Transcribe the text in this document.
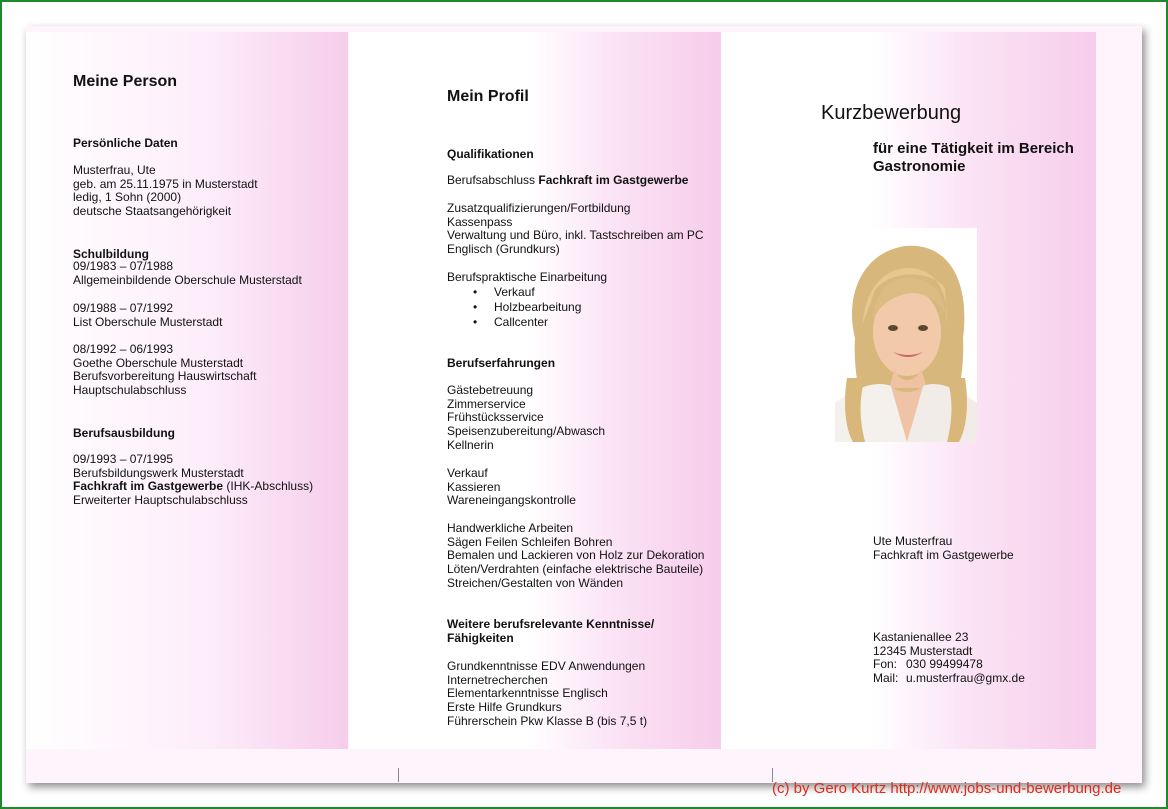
Meine Person
Persönliche Daten
Musterfrau, Ute
geb. am 25.11.1975 in Musterstadt
ledig, 1 Sohn (2000)
deutsche Staatsangehörigkeit
Schulbildung
09/1983 – 07/1988
Allgemeinbildende Oberschule Musterstadt
09/1988 – 07/1992
List Oberschule Musterstadt
08/1992 – 06/1993
Goethe Oberschule Musterstadt
Berufsvorbereitung Hauswirtschaft
Hauptschulabschluss
Berufsausbildung
09/1993 – 07/1995
Berufsbildungswerk Musterstadt
Fachkraft im Gastgewerbe (IHK-Abschluss)
Erweiterter Hauptschulabschluss
Mein Profil
Qualifikationen
Berufsabschluss Fachkraft im Gastgewerbe
Zusatzqualifizierungen/Fortbildung
Kassenpass
Verwaltung und Büro, inkl. Tastschreiben am PC
Englisch (Grundkurs)
Berufspraktische Einarbeitung
• Verkauf
• Holzbearbeitung
• Callcenter
Berufserfahrungen
Gästebetreuung
Zimmerservice
Frühstücksservice
Speisenzubereitung/Abwasch
Kellnerin
Verkauf
Kassieren
Wareneingangskontrolle
Handwerkliche Arbeiten
Sägen Feilen Schleifen Bohren
Bemalen und Lackieren von Holz zur Dekoration
Löten/Verdrahten (einfache elektrische Bauteile)
Streichen/Gestalten von Wänden
Weitere berufsrelevante Kenntnisse/
Fähigkeiten
Grundkenntnisse EDV Anwendungen
Internetrecherchen
Elementarkenntnisse Englisch
Erste Hilfe Grundkurs
Führerschein Pkw Klasse B (bis 7,5 t)
Kurzbewerbung
für eine Tätigkeit im Bereich
Gastronomie
Ute Musterfrau
Fachkraft im Gastgewerbe
Kastanienallee 23
12345 Musterstadt
Fon: 030 99499478
Mail: u.musterfrau@gmx.de
(c) by Gero Kurtz http://www.jobs-und-bewerbung.de
